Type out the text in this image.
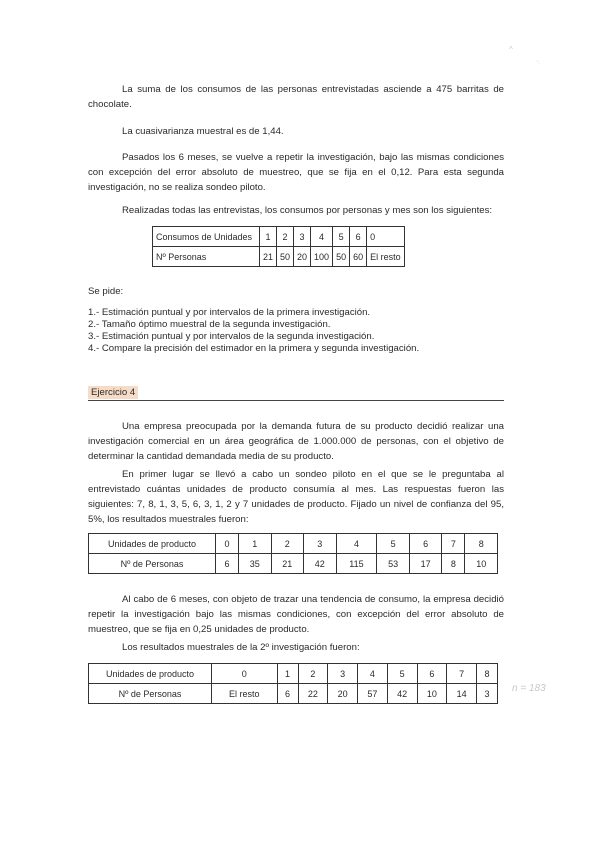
^
'·

La suma de los consumos de las personas entrevistadas asciende a 475 barritas de chocolate.

La cuasivarianza muestral es de 1,44.

Pasados los 6 meses, se vuelve a repetir la investigación, bajo las mismas condiciones con excepción del error absoluto de muestreo, que se fija en el 0,12. Para esta segunda investigación, no se realiza sondeo piloto.

Realizadas todas las entrevistas, los consumos por personas y mes son los siguientes:

Consumos de Unidades	1	2	3	4	5	6	0
Nº Personas	21	50	20	100	50	60	El resto

Se pide:

1.- Estimación puntual y por intervalos de la primera investigación.
2.- Tamaño óptimo muestral de la segunda investigación.
3.- Estimación puntual y por intervalos de la segunda investigación.
4.- Compare la precisión del estimador en la primera y segunda investigación.
Ejercicio 4

Una empresa preocupada por la demanda futura de su producto decidió realizar una investigación comercial en un área geográfica de 1.000.000 de personas, con el objetivo de determinar la cantidad demandada media de su producto.

En primer lugar se llevó a cabo un sondeo piloto en el que se le preguntaba al entrevistado cuántas unidades de producto consumía al mes. Las respuestas fueron las siguientes: 7, 8, 1, 3, 5, 6, 3, 1, 2 y 7 unidades de producto. Fijado un nivel de confianza del 95, 5%, los resultados muestrales fueron:

Unidades de producto	0	1	2	3	4	5	6	7	8
Nº de Personas	6	35	21	42	115	53	17	8	10

Al cabo de 6 meses, con objeto de trazar una tendencia de consumo, la empresa decidió repetir la investigación bajo las mismas condiciones, con excepción del error absoluto de muestreo, que se fija en 0,25 unidades de producto.

Los resultados muestrales de la 2º investigación fueron:

Unidades de producto	0	1	2	3	4	5	6	7	8
Nº de Personas	El resto	6	22	20	57	42	10	14	3 n = 183
